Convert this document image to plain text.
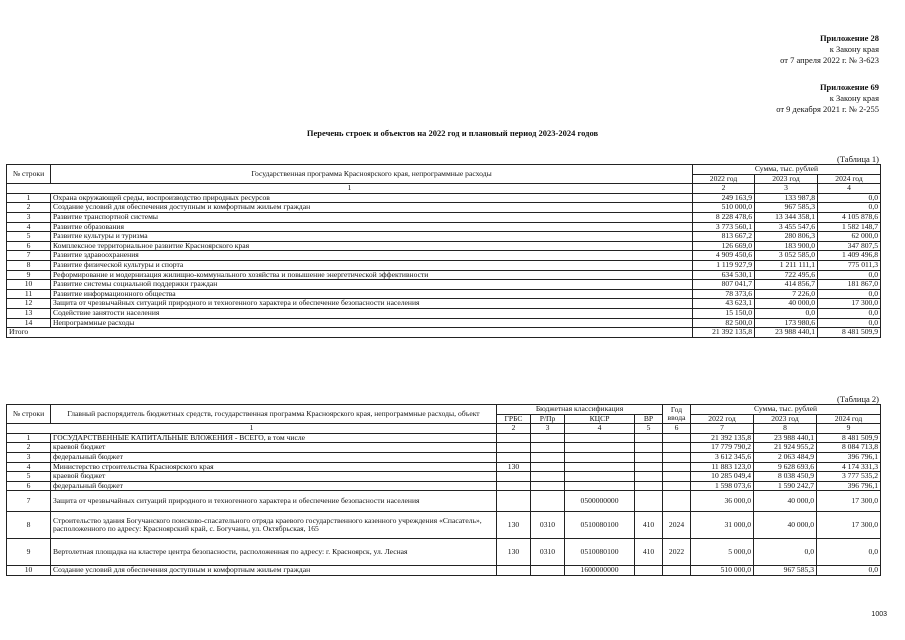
Приложение 28
к Закону края
от 7 апреля 2022 г. № 3-623
Приложение 69
к Закону края
от 9 декабря 2021 г. № 2-255
Перечень строек и объектов на 2022 год и плановый период 2023-2024 годов
(Таблица 1)
№ строки	Государственная программа Красноярского края, непрограммные расходы	Сумма, тыс. рублей		
		2022 год	2023 год	2024 год
1		2	3	4
1	Охрана окружающей среды, воспроизводство природных ресурсов	249 163,9	133 987,8	0,0
2	Создание условий для обеспечения доступным и комфортным жильем граждан	510 000,0	967 585,3	0,0
3	Развитие транспортной системы	8 228 478,6	13 344 358,1	4 105 878,6
4	Развитие образования	3 773 560,1	3 455 547,6	1 582 148,7
5	Развитие культуры и туризма	813 667,2	280 806,3	62 000,0
6	Комплексное территориальное развитие Красноярского края	126 669,0	183 900,0	347 807,5
7	Развитие здравоохранения	4 909 450,6	3 052 585,0	1 409 496,8
8	Развитие физической культуры и спорта	1 119 927,9	1 211 111,1	775 011,3
9	Реформирование и модернизация жилищно-коммунального хозяйства и повышение энергетической эффективности	634 530,1	722 495,6	0,0
10	Развитие системы социальной поддержки граждан	807 041,7	414 856,7	181 867,0
11	Развитие информационного общества	78 373,6	7 226,0	0,0
12	Защита от чрезвычайных ситуаций природного и техногенного характера и обеспечение безопасности населения	43 623,1	40 000,0	17 300,0
13	Содействие занятости населения	15 150,0	0,0	0,0
14	Непрограммные расходы	82 500,0	173 980,6	0,0
Итого		21 392 135,8	23 988 440,1	8 481 509,9
(Таблица 2)
№ строки	Главный распорядитель бюджетных средств, государственная программа Красноярского края, непрограммные расходы, объект	Бюджетная классификация				Год ввода	Сумма, тыс. рублей		
		ГРБС	Р/Пр	КЦСР	ВР		2022 год	2023 год	2024 год
1		2	3	4	5	6	7	8	9
1	ГОСУДАРСТВЕННЫЕ КАПИТАЛЬНЫЕ ВЛОЖЕНИЯ - ВСЕГО, в том числе						21 392 135,8	23 988 440,1	8 481 509,9
2	краевой бюджет						17 779 790,2	21 924 955,2	8 084 713,8
3	федеральный бюджет						3 612 345,6	2 063 484,9	396 796,1
4	Министерство строительства Красноярского края	130					11 883 123,0	9 628 693,6	4 174 331,3
5	краевой бюджет						10 285 049,4	8 038 450,9	3 777 535,2
6	федеральный бюджет						1 598 073,6	1 590 242,7	396 796,1
7	Защита от чрезвычайных ситуаций природного и техногенного характера и обеспечение безопасности населения			0500000000			36 000,0	40 000,0	17 300,0
8	Строительство здания Богучанского поисково-спасательного отряда краевого государственного казенного учреждения «Спасатель», расположенного по адресу: Красноярский край, с. Богучаны, ул. Октябрьская, 165	130	0310	0510080100	410	2024	31 000,0	40 000,0	17 300,0
9	Вертолетная площадка на кластере центра безопасности, расположенная по адресу: г. Красноярск, ул. Лесная	130	0310	0510080100	410	2022	5 000,0	0,0	0,0
10	Создание условий для обеспечения доступным и комфортным жильем граждан			1600000000			510 000,0	967 585,3	0,0
1003
